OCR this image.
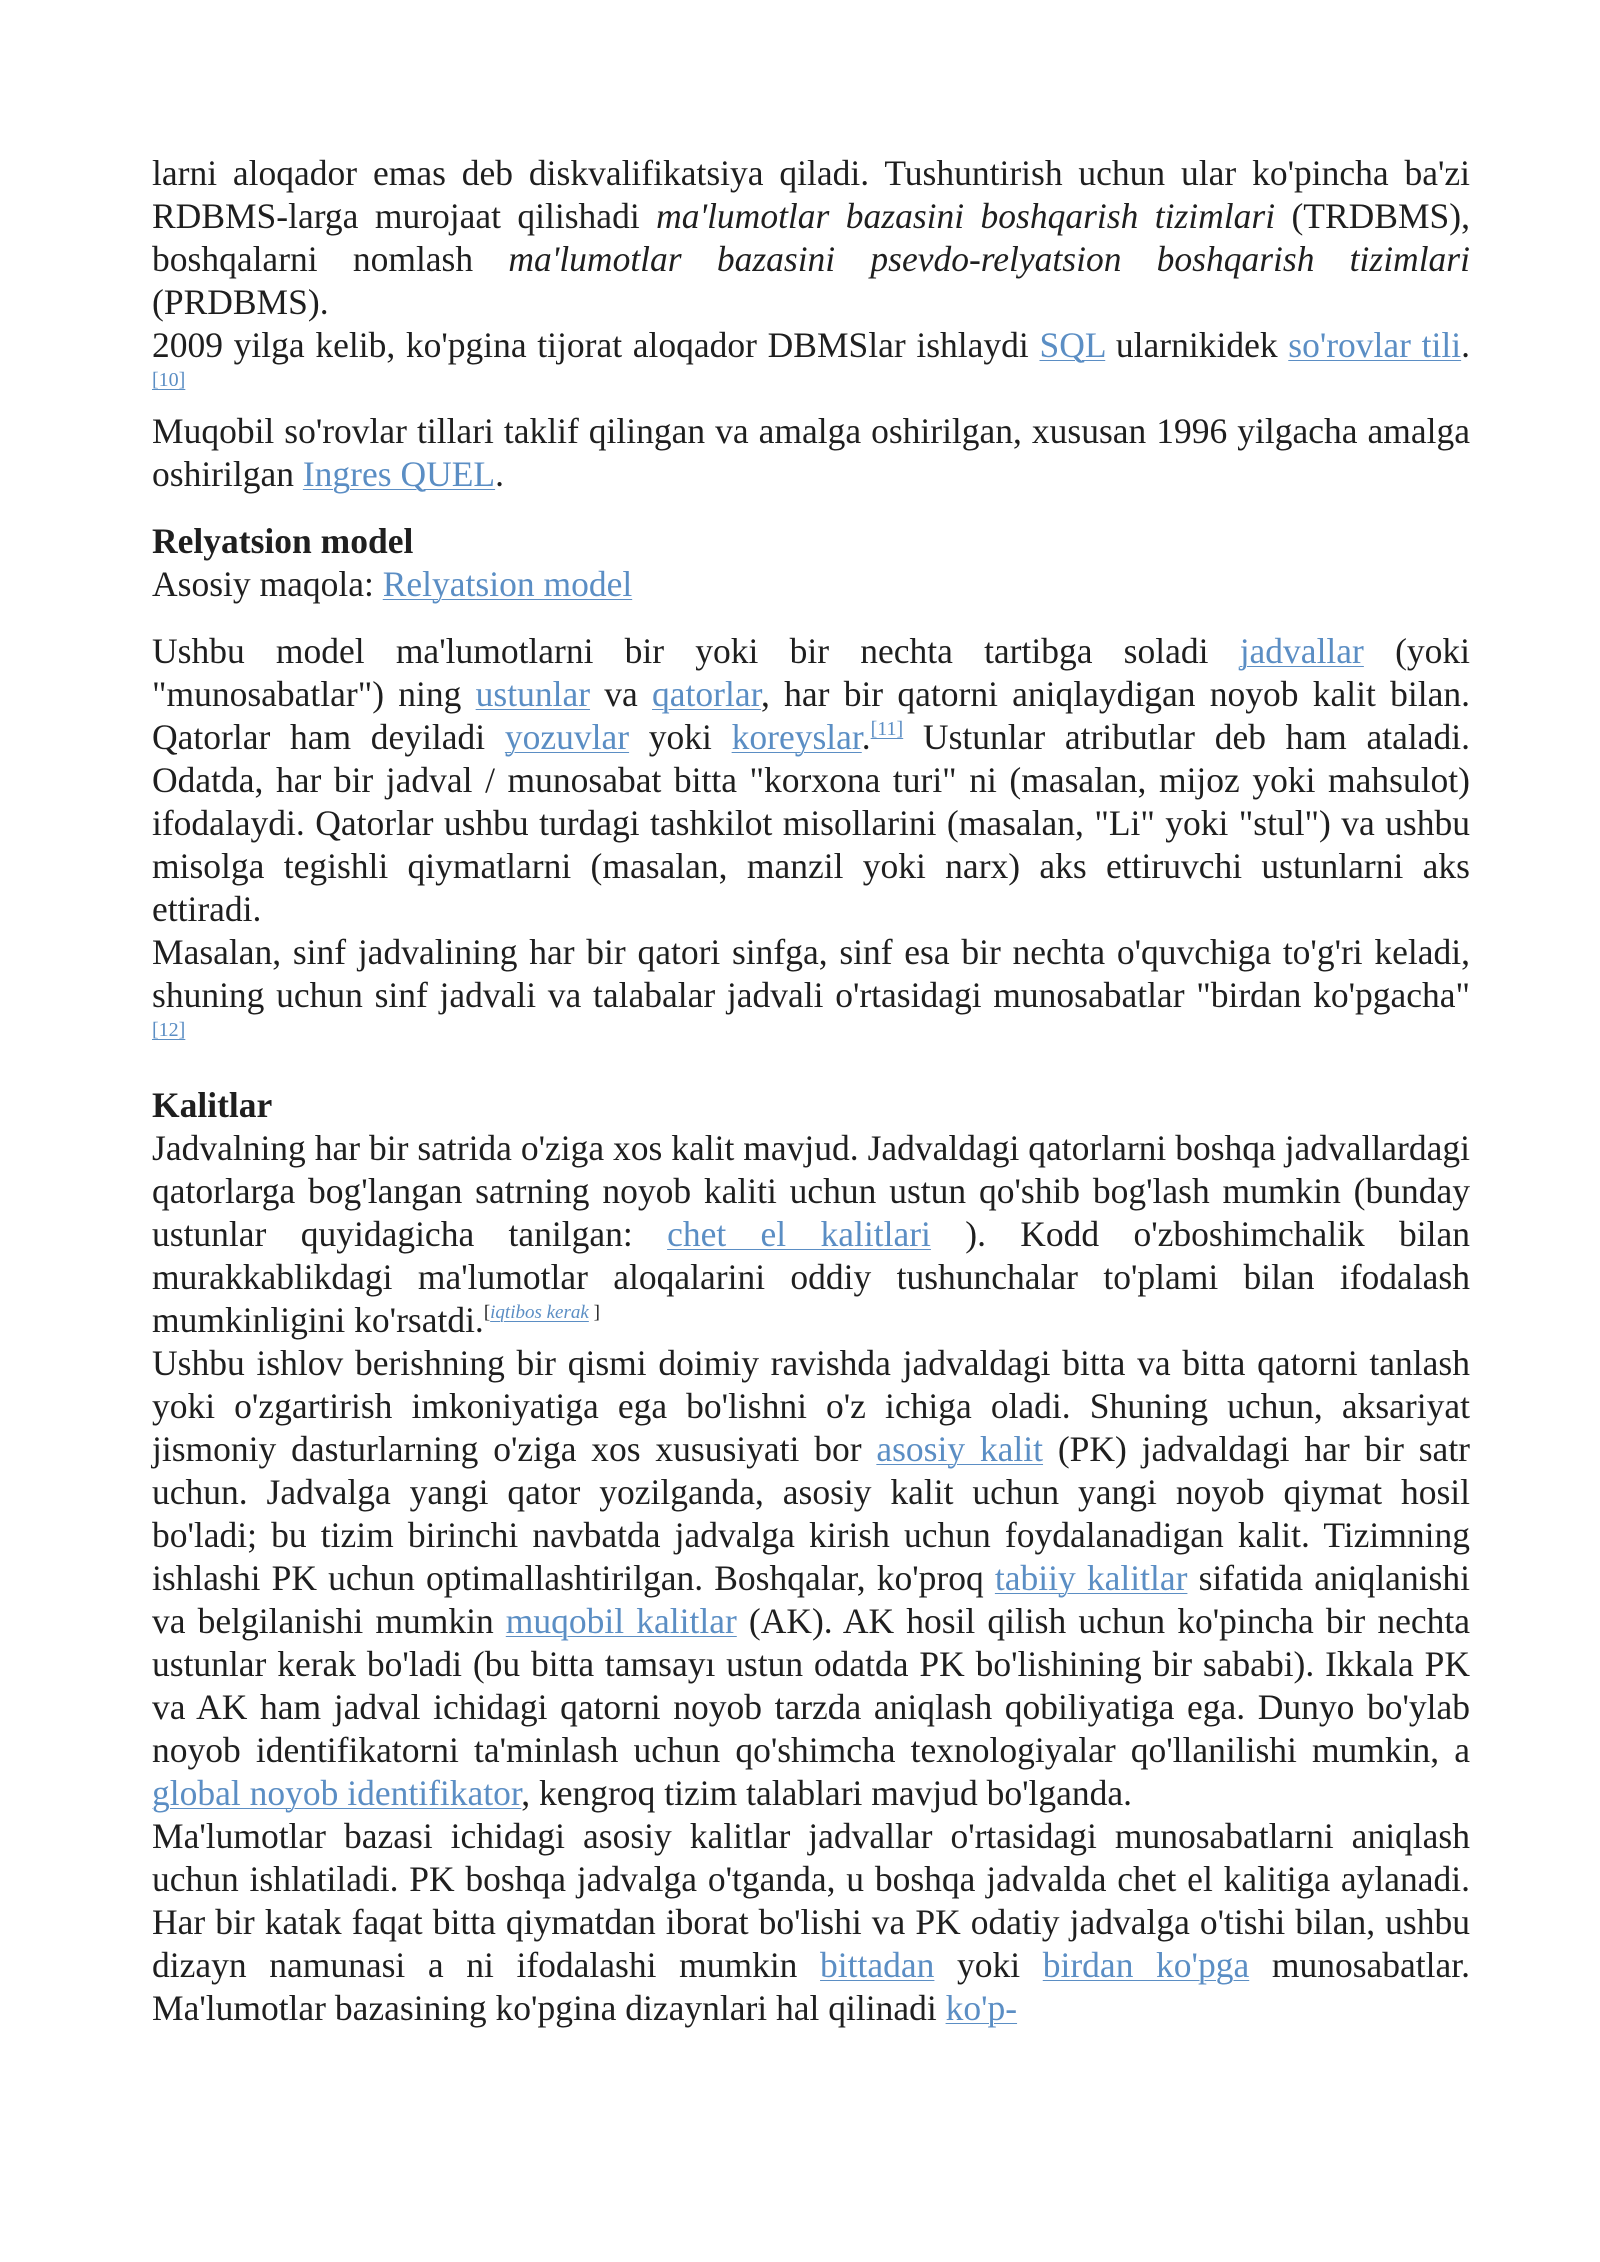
larni aloqador emas deb diskvalifikatsiya qiladi. Tushuntirish uchun ular ko'pincha ba'zi RDBMS-larga murojaat qilishadi ma'lumotlar bazasini boshqarish tizimlari (TRDBMS), boshqalarni nomlash ma'lumotlar bazasini psevdo-relyatsion boshqarish tizimlari (PRDBMS).

2009 yilga kelib, ko'pgina tijorat aloqador DBMSlar ishlaydi SQL ularnikidek so'rovlar tili.[10]

Muqobil so'rovlar tillari taklif qilingan va amalga oshirilgan, xususan 1996 yilgacha amalga oshirilgan Ingres QUEL.

Relyatsion model

Asosiy maqola: Relyatsion model

Ushbu model ma'lumotlarni bir yoki bir nechta tartibga soladi jadvallar (yoki "munosabatlar") ning ustunlar va qatorlar, har bir qatorni aniqlaydigan noyob kalit bilan. Qatorlar ham deyiladi yozuvlar yoki koreyslar.[11] Ustunlar atributlar deb ham ataladi. Odatda, har bir jadval / munosabat bitta "korxona turi" ni (masalan, mijoz yoki mahsulot) ifodalaydi. Qatorlar ushbu turdagi tashkilot misollarini (masalan, "Li" yoki "stul") va ushbu misolga tegishli qiymatlarni (masalan, manzil yoki narx) aks ettiruvchi ustunlarni aks ettiradi.

Masalan, sinf jadvalining har bir qatori sinfga, sinf esa bir nechta o'quvchiga to'g'ri keladi, shuning uchun sinf jadvali va talabalar jadvali o'rtasidagi munosabatlar "birdan ko'pgacha"[12]

Kalitlar

Jadvalning har bir satrida o'ziga xos kalit mavjud. Jadvaldagi qatorlarni boshqa jadvallardagi qatorlarga bog'langan satrning noyob kaliti uchun ustun qo'shib bog'lash mumkin (bunday ustunlar quyidagicha tanilgan: chet el kalitlari ). Kodd o'zboshimchalik bilan murakkablikdagi ma'lumotlar aloqalarini oddiy tushunchalar to'plami bilan ifodalash mumkinligini ko'rsatdi.[iqtibos kerak ]

Ushbu ishlov berishning bir qismi doimiy ravishda jadvaldagi bitta va bitta qatorni tanlash yoki o'zgartirish imkoniyatiga ega bo'lishni o'z ichiga oladi. Shuning uchun, aksariyat jismoniy dasturlarning o'ziga xos xususiyati bor asosiy kalit (PK) jadvaldagi har bir satr uchun. Jadvalga yangi qator yozilganda, asosiy kalit uchun yangi noyob qiymat hosil bo'ladi; bu tizim birinchi navbatda jadvalga kirish uchun foydalanadigan kalit. Tizimning ishlashi PK uchun optimallashtirilgan. Boshqalar, ko'proq tabiiy kalitlar sifatida aniqlanishi va belgilanishi mumkin muqobil kalitlar (AK). AK hosil qilish uchun ko'pincha bir nechta ustunlar kerak bo'ladi (bu bitta tamsayı ustun odatda PK bo'lishining bir sababi). Ikkala PK va AK ham jadval ichidagi qatorni noyob tarzda aniqlash qobiliyatiga ega. Dunyo bo'ylab noyob identifikatorni ta'minlash uchun qo'shimcha texnologiyalar qo'llanilishi mumkin, a global noyob identifikator, kengroq tizim talablari mavjud bo'lganda.

Ma'lumotlar bazasi ichidagi asosiy kalitlar jadvallar o'rtasidagi munosabatlarni aniqlash uchun ishlatiladi. PK boshqa jadvalga o'tganda, u boshqa jadvalda chet el kalitiga aylanadi. Har bir katak faqat bitta qiymatdan iborat bo'lishi va PK odatiy jadvalga o'tishi bilan, ushbu dizayn namunasi a ni ifodalashi mumkin bittadan yoki birdan ko'pga munosabatlar. Ma'lumotlar bazasining ko'pgina dizaynlari hal qilinadi ko'p-
